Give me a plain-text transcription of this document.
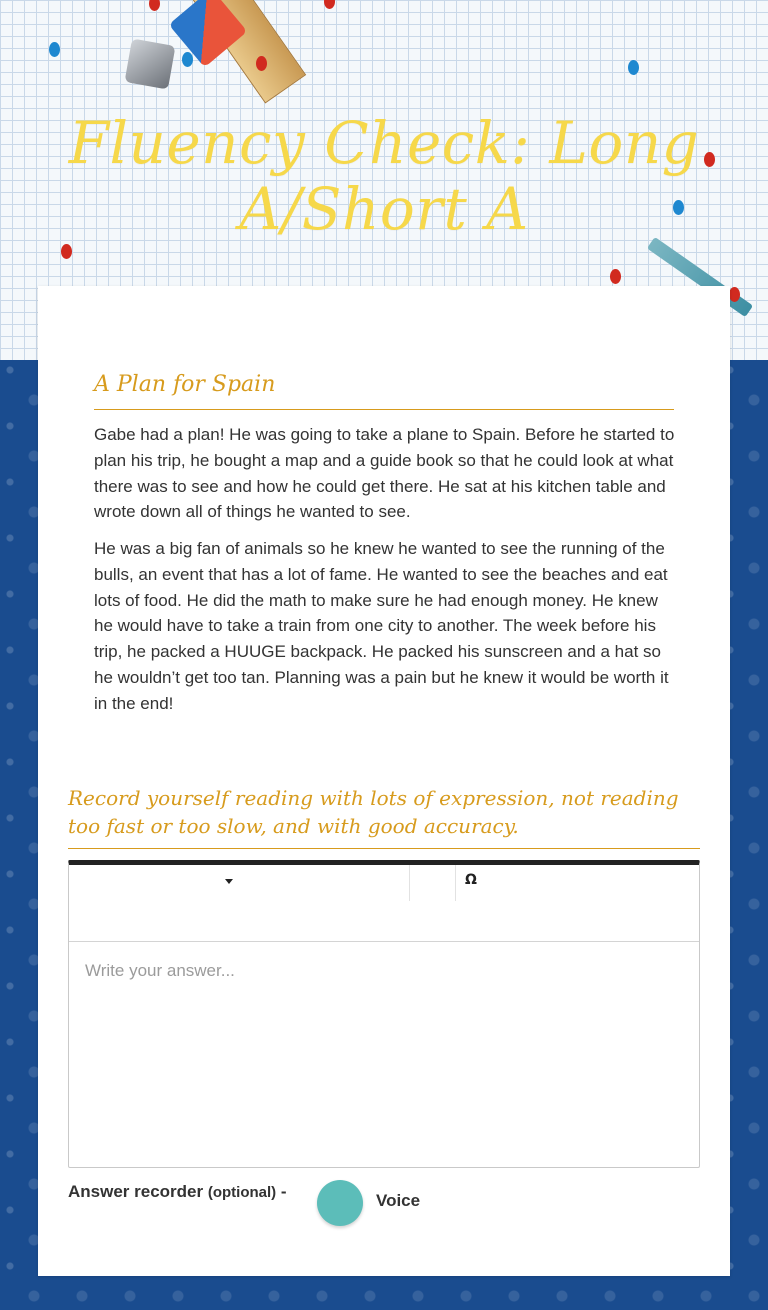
Fluency Check: Long A/Short A
A Plan for Spain
Gabe had a plan! He was going to take a plane to Spain. Before he started to plan his trip, he bought a map and a guide book so that he could look at what there was to see and how he could get there. He sat at his kitchen table and wrote down all of things he wanted to see.
He was a big fan of animals so he knew he wanted to see the running of the bulls, an event that has a lot of fame. He wanted to see the beaches and eat lots of food. He did the math to make sure he had enough money. He knew he would have to take a train from one city to another. The week before his trip, he packed a HUUGE backpack. He packed his sunscreen and a hat so he wouldn’t get too tan. Planning was a pain but he knew it would be worth it in the end!
Record yourself reading with lots of expression, not reading too fast or too slow, and with good accuracy.
Ω
Write your answer...
Answer recorder (optional) -	Voice
